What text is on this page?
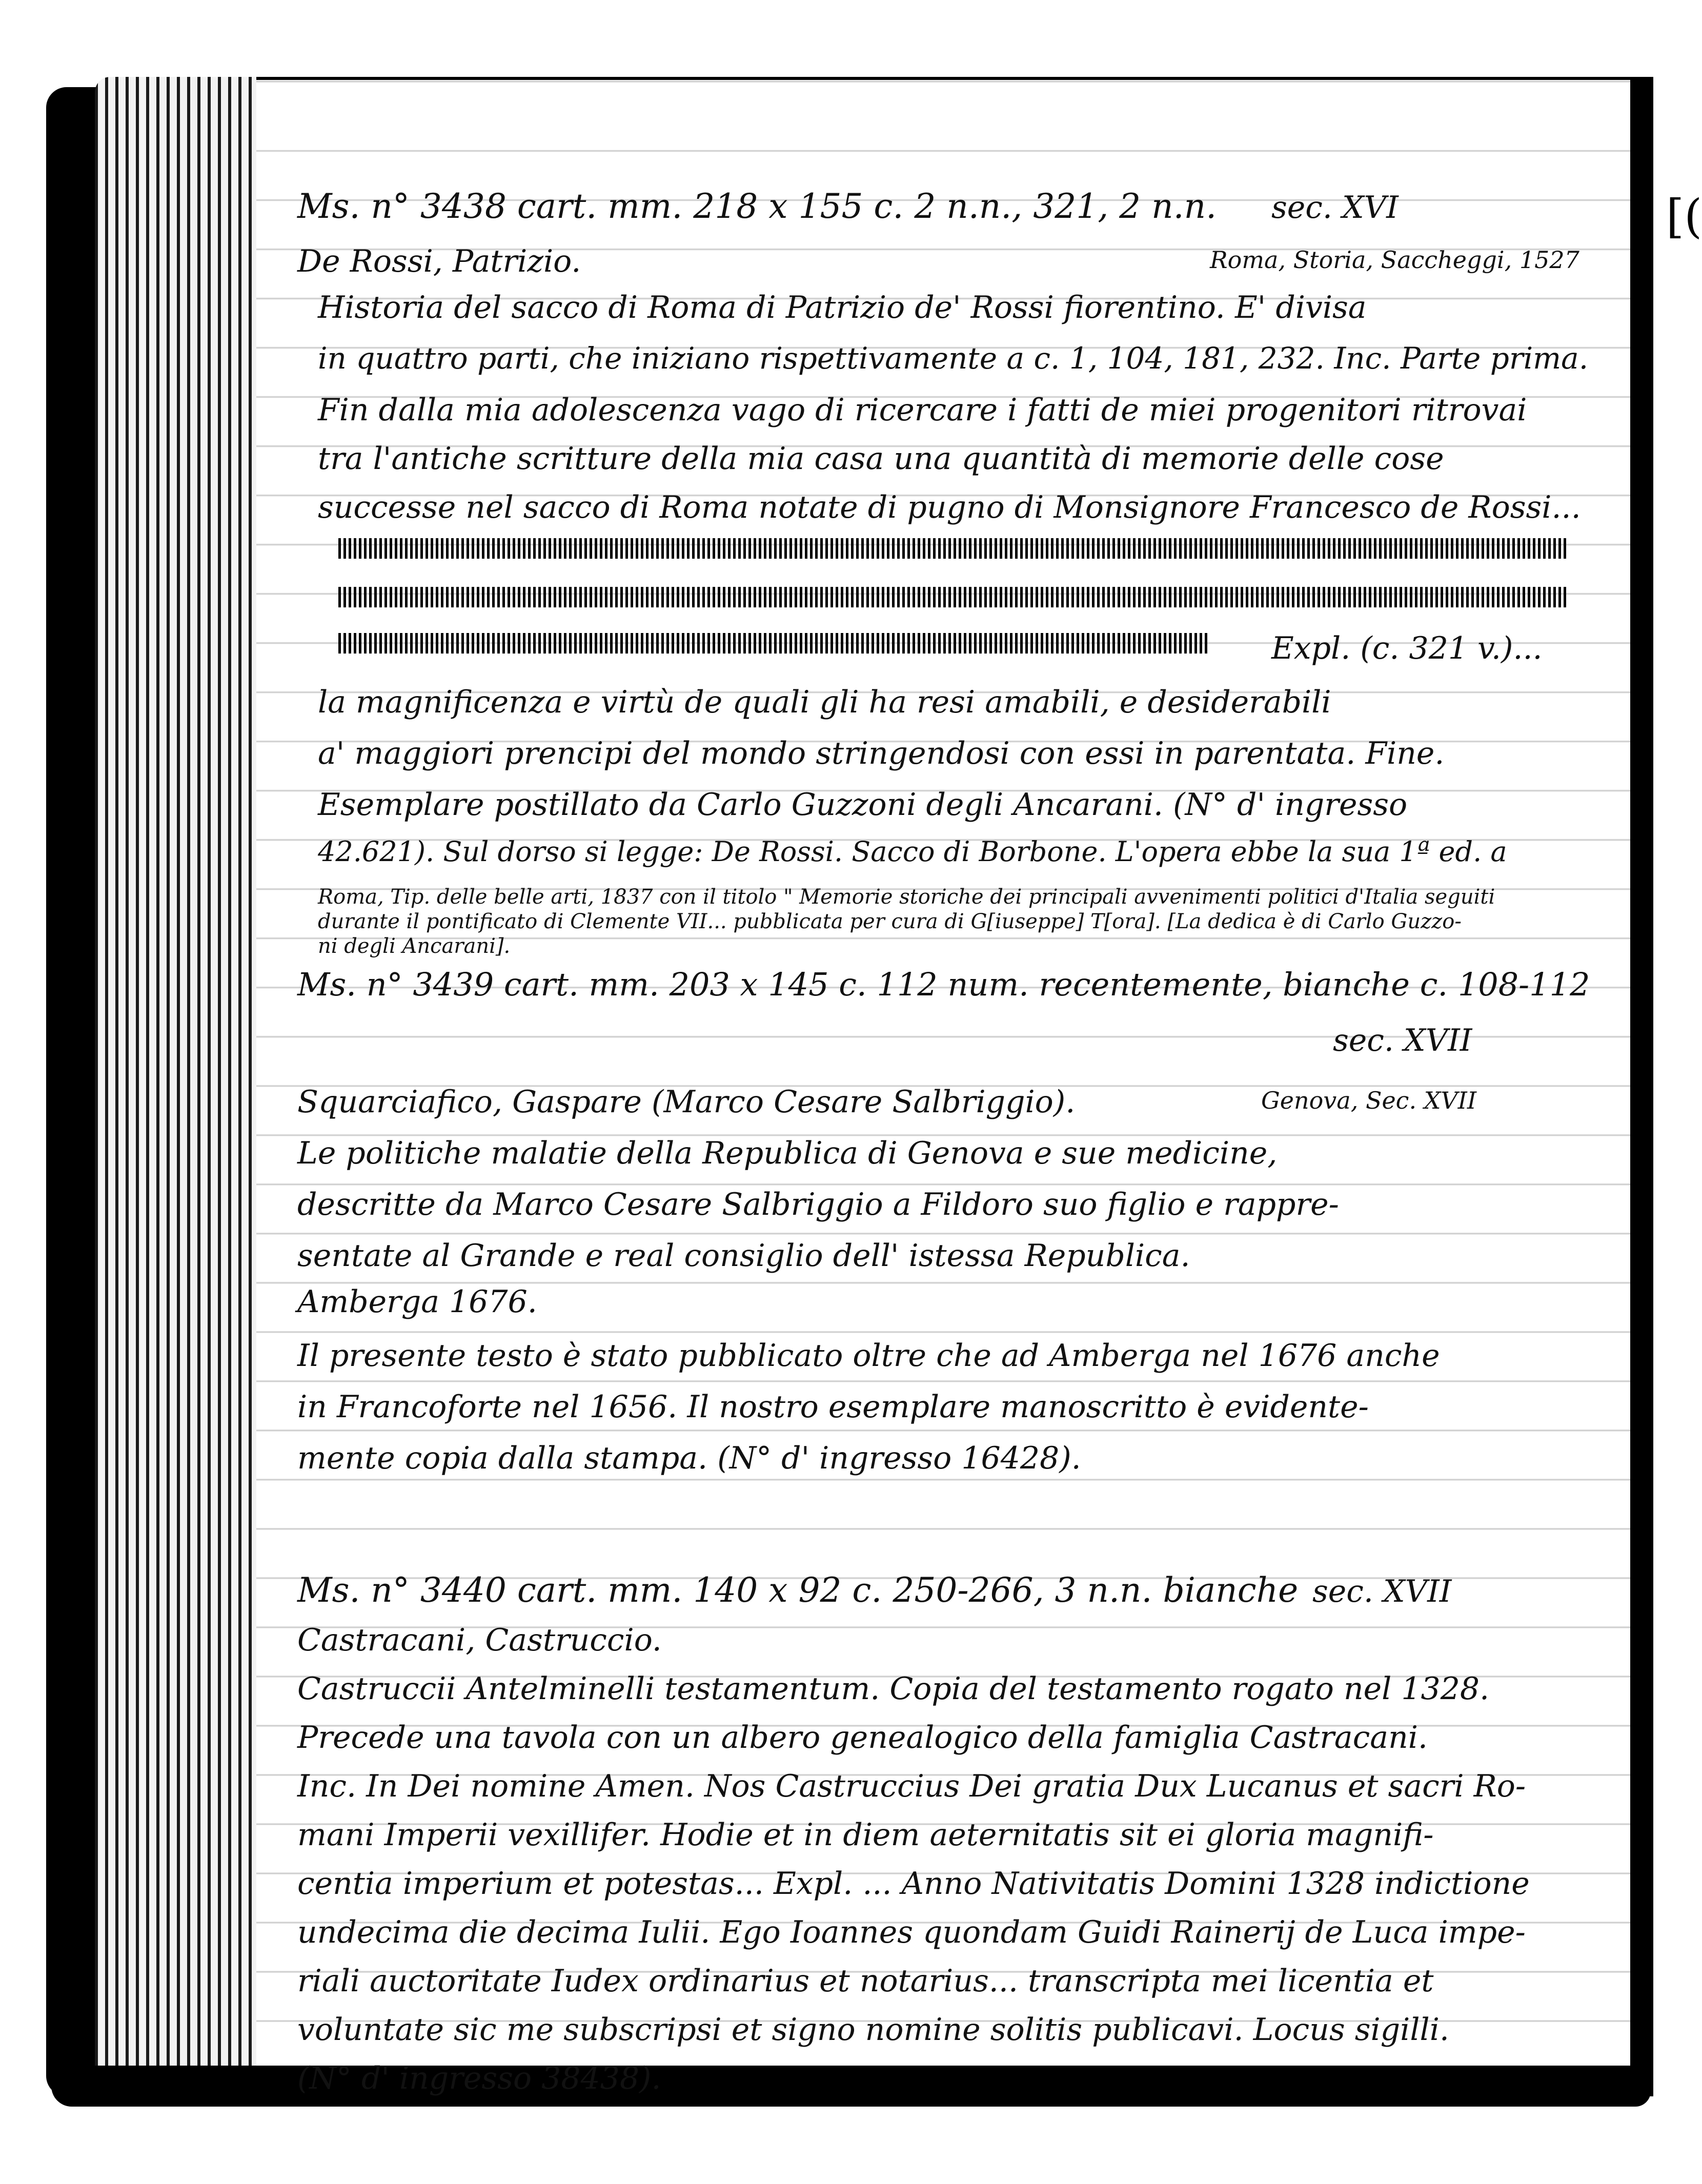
[(
Ms. n° 3438 cart. mm. 218 x 155 c. 2 n.n., 321, 2 n.n. sec. XVI
De Rossi, Patrizio.	Roma, Storia, Saccheggi, 1527
Historia del sacco di Roma di Patrizio de' Rossi fiorentino. E' divisa
in quattro parti, che iniziano rispettivamente a c. 1, 104, 181, 232. Inc. Parte prima.
Fin dalla mia adolescenza vago di ricercare i fatti de miei progenitori ritrovai
tra l'antiche scritture della mia casa una quantità di memorie delle cose
successe nel sacco di Roma notate di pugno di Monsignore Francesco de Rossi...
Expl. (c. 321 v.)...
la magnificenza e virtù de quali gli ha resi amabili, e desiderabili
a' maggiori prencipi del mondo stringendosi con essi in parentata. Fine.
Esemplare postillato da Carlo Guzzoni degli Ancarani. (N° d' ingresso
42.621). Sul dorso si legge: De Rossi. Sacco di Borbone. L'opera ebbe la sua 1ª ed. a
Roma, Tip. delle belle arti, 1837 con il titolo " Memorie storiche dei principali avvenimenti politici d'Italia seguiti
durante il pontificato di Clemente VII... pubblicata per cura di G[iuseppe] T[ora]. [La dedica è di Carlo Guzzo-
ni degli Ancarani].
Ms. n° 3439 cart. mm. 203 x 145 c. 112 num. recentemente, bianche c. 108-112
sec. XVII
Squarciafico, Gaspare (Marco Cesare Salbriggio).	Genova, Sec. XVII
Le politiche malatie della Republica di Genova e sue medicine,
descritte da Marco Cesare Salbriggio a Fildoro suo figlio e rappre-
sentate al Grande e real consiglio dell' istessa Republica.
Amberga 1676.
Il presente testo è stato pubblicato oltre che ad Amberga nel 1676 anche
in Francoforte nel 1656. Il nostro esemplare manoscritto è evidente-
mente copia dalla stampa. (N° d' ingresso 16428).
Ms. n° 3440 cart. mm. 140 x 92 c. 250-266, 3 n.n. bianche sec. XVII
Castracani, Castruccio.
Castruccii Antelminelli testamentum. Copia del testamento rogato nel 1328.
Precede una tavola con un albero genealogico della famiglia Castracani.
Inc. In Dei nomine Amen. Nos Castruccius Dei gratia Dux Lucanus et sacri Ro-
mani Imperii vexillifer. Hodie et in diem aeternitatis sit ei gloria magnifi-
centia imperium et potestas... Expl. ... Anno Nativitatis Domini 1328 indictione
undecima die decima Iulii. Ego Ioannes quondam Guidi Rainerij de Luca impe-
riali auctoritate Iudex ordinarius et notarius... transcripta mei licentia et
voluntate sic me subscripsi et signo nomine solitis publicavi. Locus sigilli.
(N° d' ingresso 38438).
